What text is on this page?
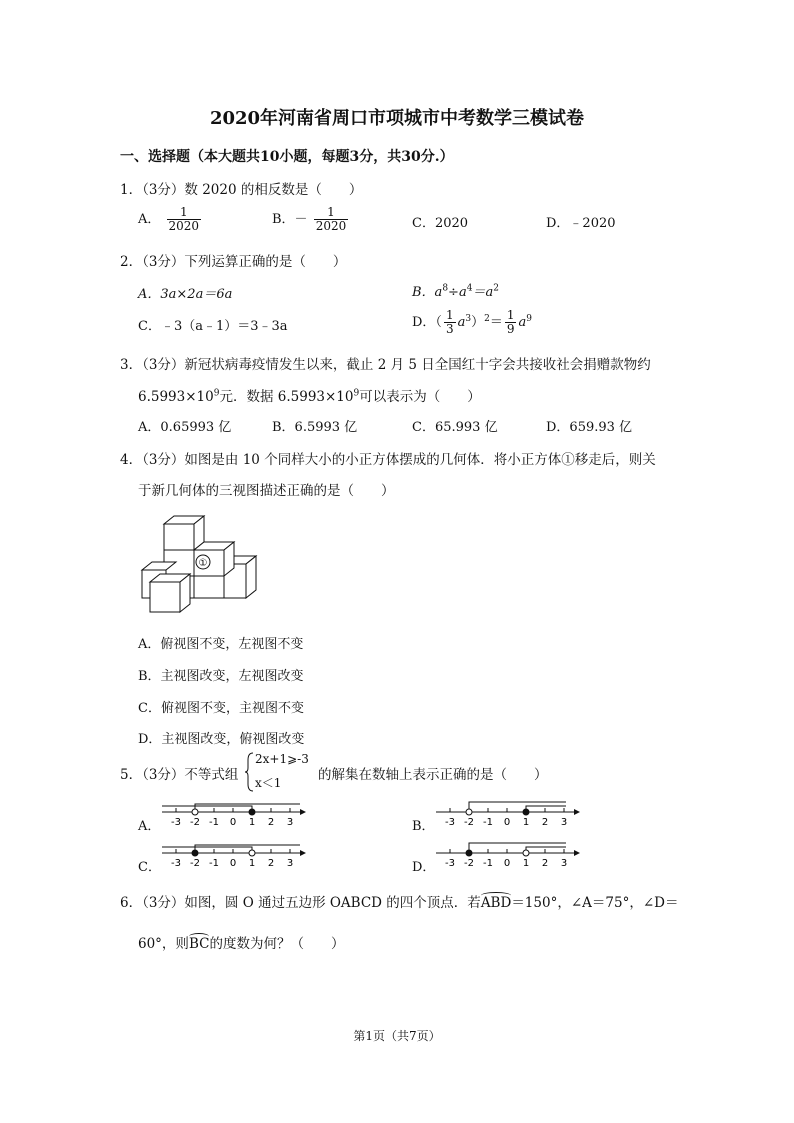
2020年河南省周口市项城市中考数学三模试卷
一、选择题（本大题共10小题，每题3分，共30分.）
1．（3分）数 2020 的相反数是（　　）
A． $\frac{1}{2020}$	B．－ $\frac{1}{2020}$	C．2020	D．﹣2020
2．（3分）下列运算正确的是（　　）
A．3a×2a＝6a	B．$a^8\div a^4=a^2$
C．﹣3（a﹣1）＝3﹣3a	D．（ $\frac{1}{3} a^3)^2= \frac{1}{9} a^9$
3．（3分）新冠状病毒疫情发生以来，截止 2 月 5 日全国红十字会共接收社会捐赠款物约
$6.5993\times 10^9$元．数据 $6.5993\times 10^9$可以表示为（　　）
A．0.65993 亿	B．6.5993 亿	C．65.993 亿	D．659.93 亿
4．（3分）如图是由 10 个同样大小的小正方体摆成的几何体．将小正方体①移走后，则关
于新几何体的三视图描述正确的是（　　）
①
A．俯视图不变，左视图不变
B．主视图改变，左视图改变
C．俯视图不变，主视图不变
D．主视图改变，俯视图改变
5．（3分）不等式组
2x+1⩾-3
x＜1	的解集在数轴上表示正确的是（　　）
A．	B．
C．	D．
-3 -2 -1 0 1 2 3	-3 -2 -1 0 1 2 3
-3 -2 -1 0 1 2 3	-3 -2 -1 0 1 2 3
6．（3分）如图，圆 O 通过五边形 OABCD 的四个顶点．若ABD＝150°，∠A＝75°，∠D＝
60°，则BC的度数为何？（　　）
第1页（共7页）
